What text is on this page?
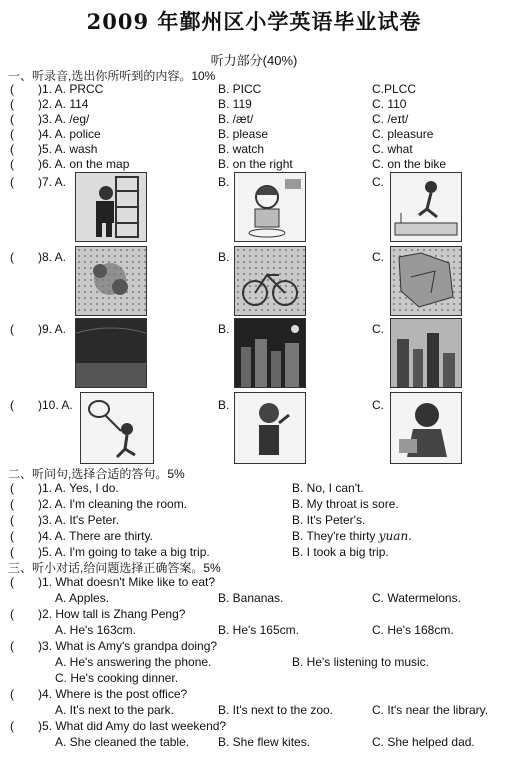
2009 年鄞州区小学英语毕业试卷
听力部分(40%)
一、听录音,选出你所听到的内容。10%
( )1. A. PRCC	B. PICC	C.PLCC
( )2. A. 114	B. 119	C. 110
( )3. A. /eg/	B. /æt/	C. /eɪt/
( )4. A. police	B. please	C. pleasure
( )5. A. wash	B. watch	C. what
( )6. A. on the map	B. on the right	C. on the bike
( )7. A.	B.	C.
( )8. A.	B.	C.
( )9. A.	B.	C.
( )10. A.	B.	C.
二、听问句,选择合适的答句。5%
( )1. A. Yes, I do.	B. No, I can't.
( )2. A. I'm cleaning the room.	B. My throat is sore.
( )3. A. It's Peter.	B. It's Peter's.
( )4. A. There are thirty.	B. They're thirty yuan.
( )5. A. I'm going to take a big trip.	B. I took a big trip.
三、听小对话,给问题选择正确答案。5%
( )1. What doesn't Mike like to eat?
A. Apples.	B. Bananas.	C. Watermelons.
( )2. How tall is Zhang Peng?
A. He's 163cm.	B. He's 165cm.	C. He's 168cm.
( )3. What is Amy's grandpa doing?
A. He's answering the phone.	B. He's listening to music.
C. He's cooking dinner.
( )4. Where is the post office?
A. It's next to the park.	B. It's next to the zoo.	C. It's near the library.
( )5. What did Amy do last weekend?
A. She cleaned the table. B. She flew kites.	C. She helped dad.
